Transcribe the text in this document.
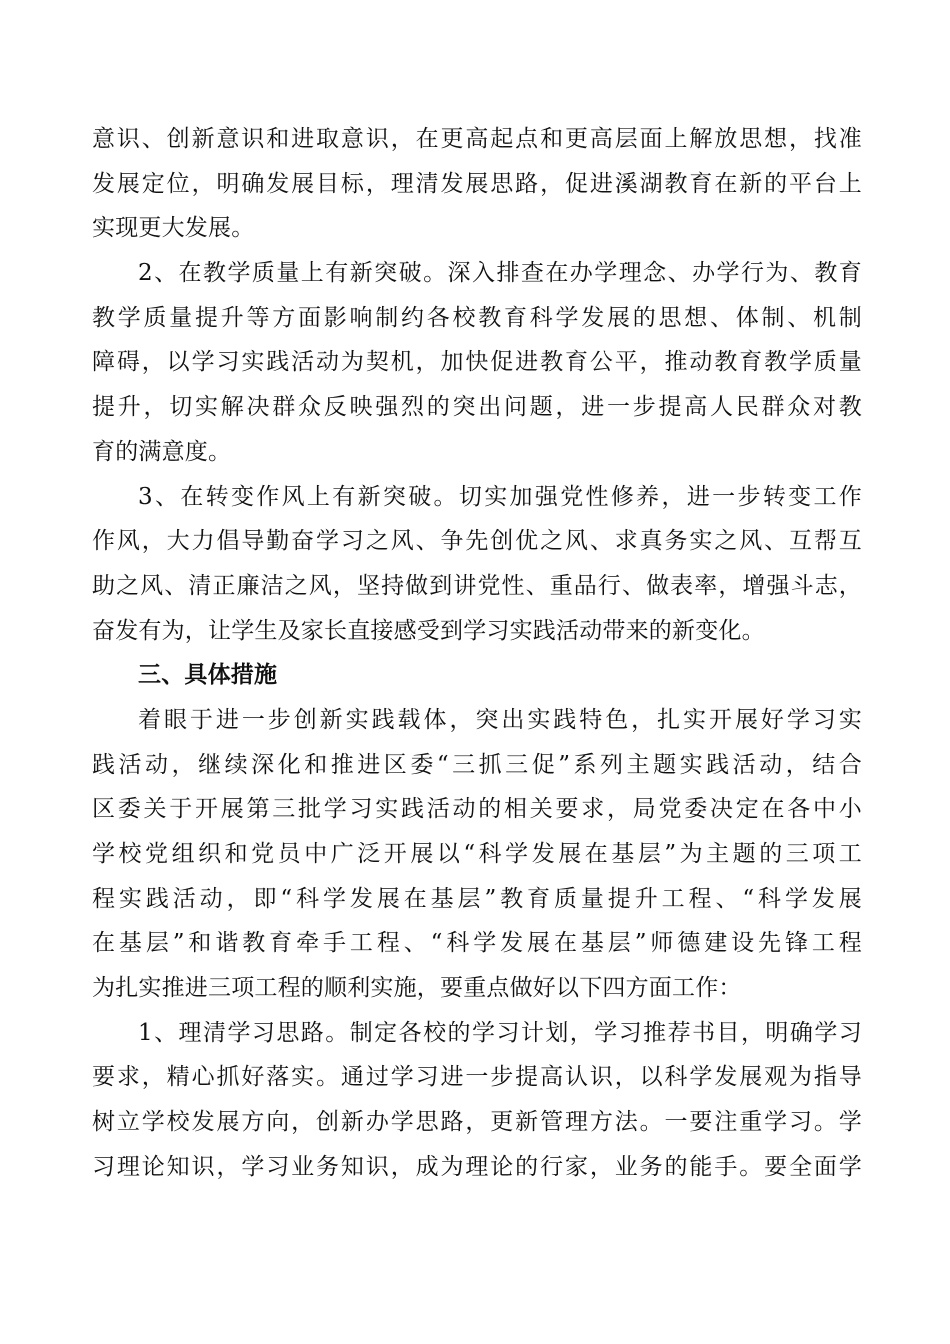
意识、创新意识和进取意识，在更高起点和更高层面上解放思想，找准
发展定位，明确发展目标，理清发展思路，促进溪湖教育在新的平台上
实现更大发展。
2、在教学质量上有新突破。深入排查在办学理念、办学行为、教育
教学质量提升等方面影响制约各校教育科学发展的思想、体制、机制
障碍，以学习实践活动为契机，加快促进教育公平，推动教育教学质量
提升，切实解决群众反映强烈的突出问题，进一步提高人民群众对教
育的满意度。
3、在转变作风上有新突破。切实加强党性修养，进一步转变工作
作风，大力倡导勤奋学习之风、争先创优之风、求真务实之风、互帮互
助之风、清正廉洁之风，坚持做到讲党性、重品行、做表率，增强斗志，
奋发有为，让学生及家长直接感受到学习实践活动带来的新变化。
三、具体措施
着眼于进一步创新实践载体，突出实践特色，扎实开展好学习实
践活动，继续深化和推进区委“三抓三促”系列主题实践活动，结合
区委关于开展第三批学习实践活动的相关要求，局党委决定在各中小
学校党组织和党员中广泛开展以“科学发展在基层”为主题的三项工
程实践活动，即“科学发展在基层”教育质量提升工程、“科学发展
在基层”和谐教育牵手工程、“科学发展在基层”师德建设先锋工程
为扎实推进三项工程的顺利实施，要重点做好以下四方面工作：
1、理清学习思路。制定各校的学习计划，学习推荐书目，明确学习
要求，精心抓好落实。通过学习进一步提高认识，以科学发展观为指导
树立学校发展方向，创新办学思路，更新管理方法。一要注重学习。学
习理论知识，学习业务知识，成为理论的行家，业务的能手。要全面学
